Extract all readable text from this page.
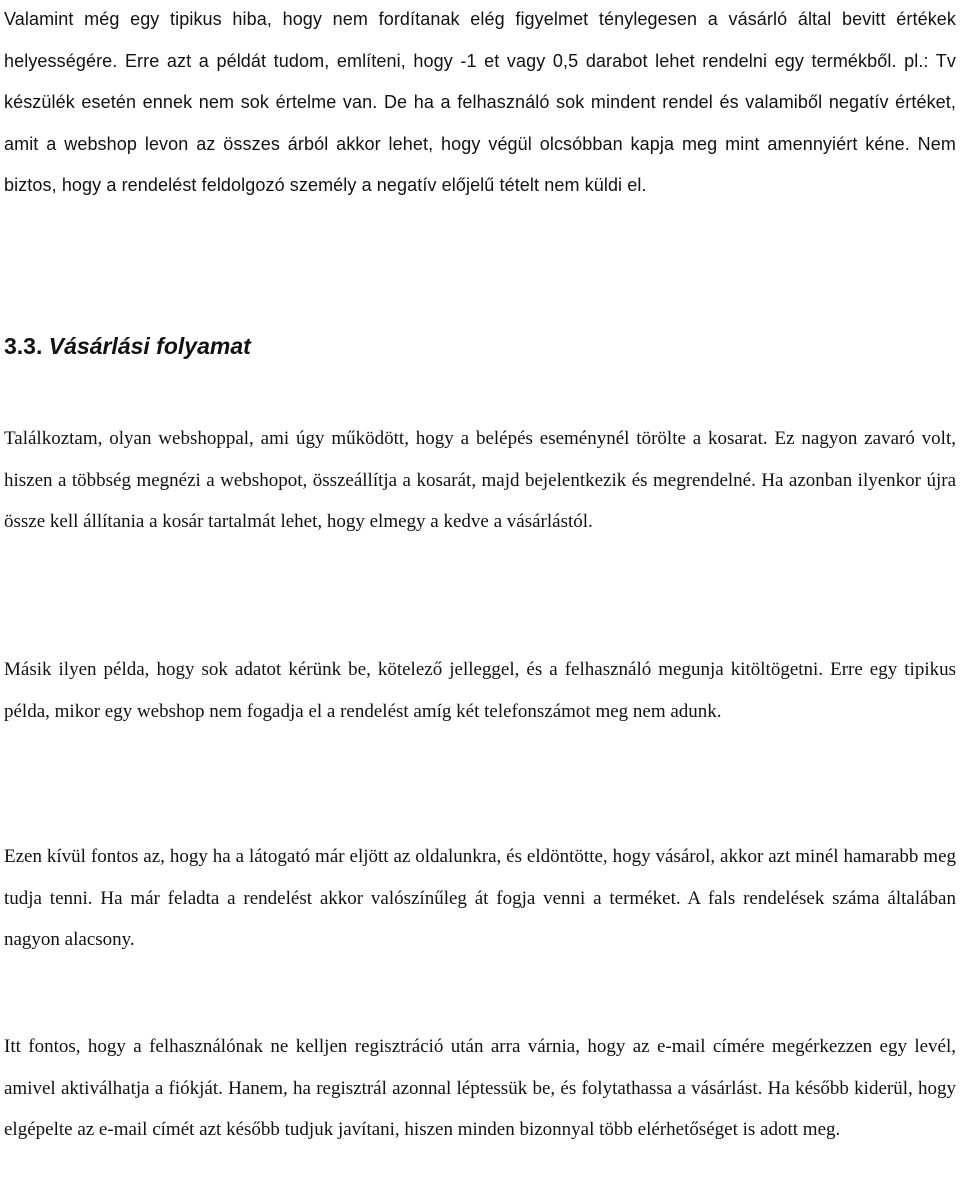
Valamint még egy tipikus hiba, hogy nem fordítanak elég figyelmet ténylegesen a vásárló által bevitt értékek helyességére. Erre azt a példát tudom, említeni, hogy -1 et vagy 0,5 darabot lehet rendelni egy termékből. pl.: Tv készülék esetén ennek nem sok értelme van. De ha a felhasználó sok mindent rendel és valamiből negatív értéket, amit a webshop levon az összes árból akkor lehet, hogy végül olcsóbban kapja meg mint amennyiért kéne. Nem biztos, hogy a rendelést feldolgozó személy a negatív előjelű tételt nem küldi el.

3.3. Vásárlási folyamat

Találkoztam, olyan webshoppal, ami úgy működött, hogy a belépés eseménynél törölte a kosarat. Ez nagyon zavaró volt, hiszen a többség megnézi a webshopot, összeállítja a kosarát, majd bejelentkezik és megrendelné. Ha azonban ilyenkor újra össze kell állítania a kosár tartalmát lehet, hogy elmegy a kedve a vásárlástól.

Másik ilyen példa, hogy sok adatot kérünk be, kötelező jelleggel, és a felhasználó megunja kitöltögetni. Erre egy tipikus példa, mikor egy webshop nem fogadja el a rendelést amíg két telefonszámot meg nem adunk.

Ezen kívül fontos az, hogy ha a látogató már eljött az oldalunkra, és eldöntötte, hogy vásárol, akkor azt minél hamarabb meg tudja tenni. Ha már feladta a rendelést akkor valószínűleg át fogja venni a terméket. A fals rendelések száma általában nagyon alacsony.

Itt fontos, hogy a felhasználónak ne kelljen regisztráció után arra várnia, hogy az e-mail címére megérkezzen egy levél, amivel aktiválhatja a fiókját. Hanem, ha regisztrál azonnal léptessük be, és folytathassa a vásárlást. Ha később kiderül, hogy elgépelte az e-mail címét azt később tudjuk javítani, hiszen minden bizonnyal több elérhetőséget is adott meg.
